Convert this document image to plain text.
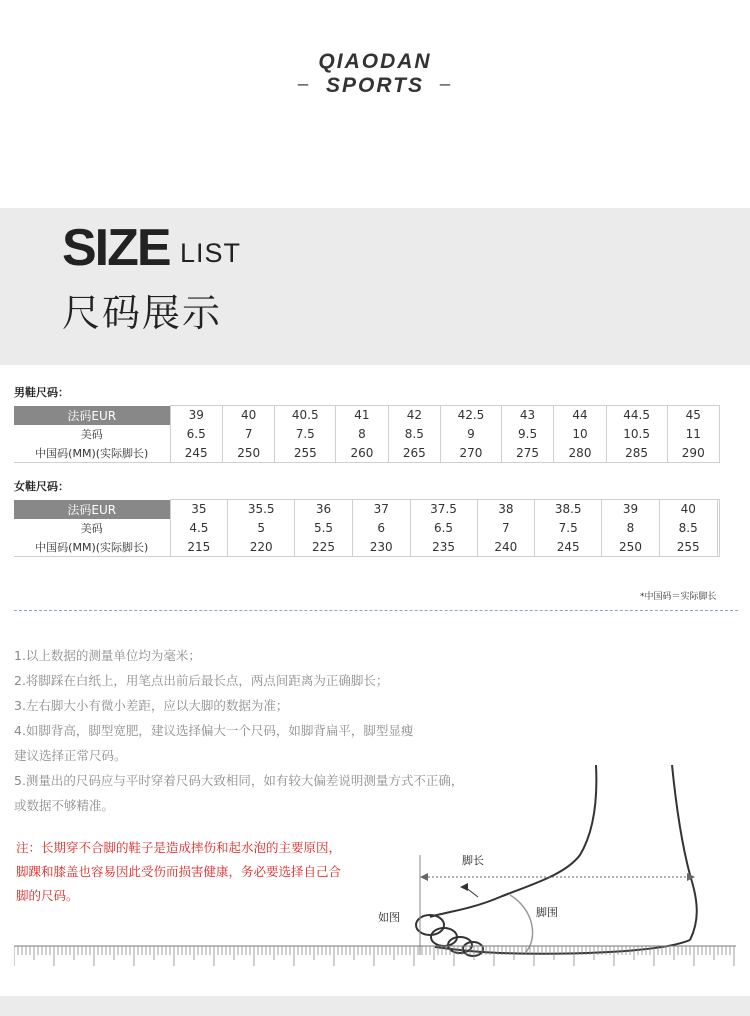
_
QIAODAN
SPORTS _
SIZE LIST
尺码展示
男鞋尺码：
法码EUR	39	40	40.5	41	42	42.5	43	44	44.5	45
美码	6.5	7	7.5	8	8.5	9	9.5	10	10.5	11
中国码(MM)(实际脚长)	245	250	255	260	265	270	275	280	285	290
女鞋尺码：
法码EUR	35	35.5	36	37	37.5	38	38.5	39	40	
美码	4.5	5	5.5	6	6.5	7	7.5	8	8.5	
中国码(MM)(实际脚长)	215	220	225	230	235	240	245	250	255	
*中国码＝实际脚长
1.以上数据的测量单位均为毫米；
2.将脚踩在白纸上，用笔点出前后最长点，两点间距离为正确脚长；
3.左右脚大小有微小差距，应以大脚的数据为准；
4.如脚背高，脚型宽肥，建议选择偏大一个尺码，如脚背扁平，脚型显瘦
建议选择正常尺码。
5.测量出的尺码应与平时穿着尺码大致相同，如有较大偏差说明测量方式不正确，
或数据不够精准。
注：长期穿不合脚的鞋子是造成摔伤和起水泡的主要原因，脚踝和膝盖也容易因此受伤而损害健康，务必要选择自己合脚的尺码。
脚长
脚围
如图
